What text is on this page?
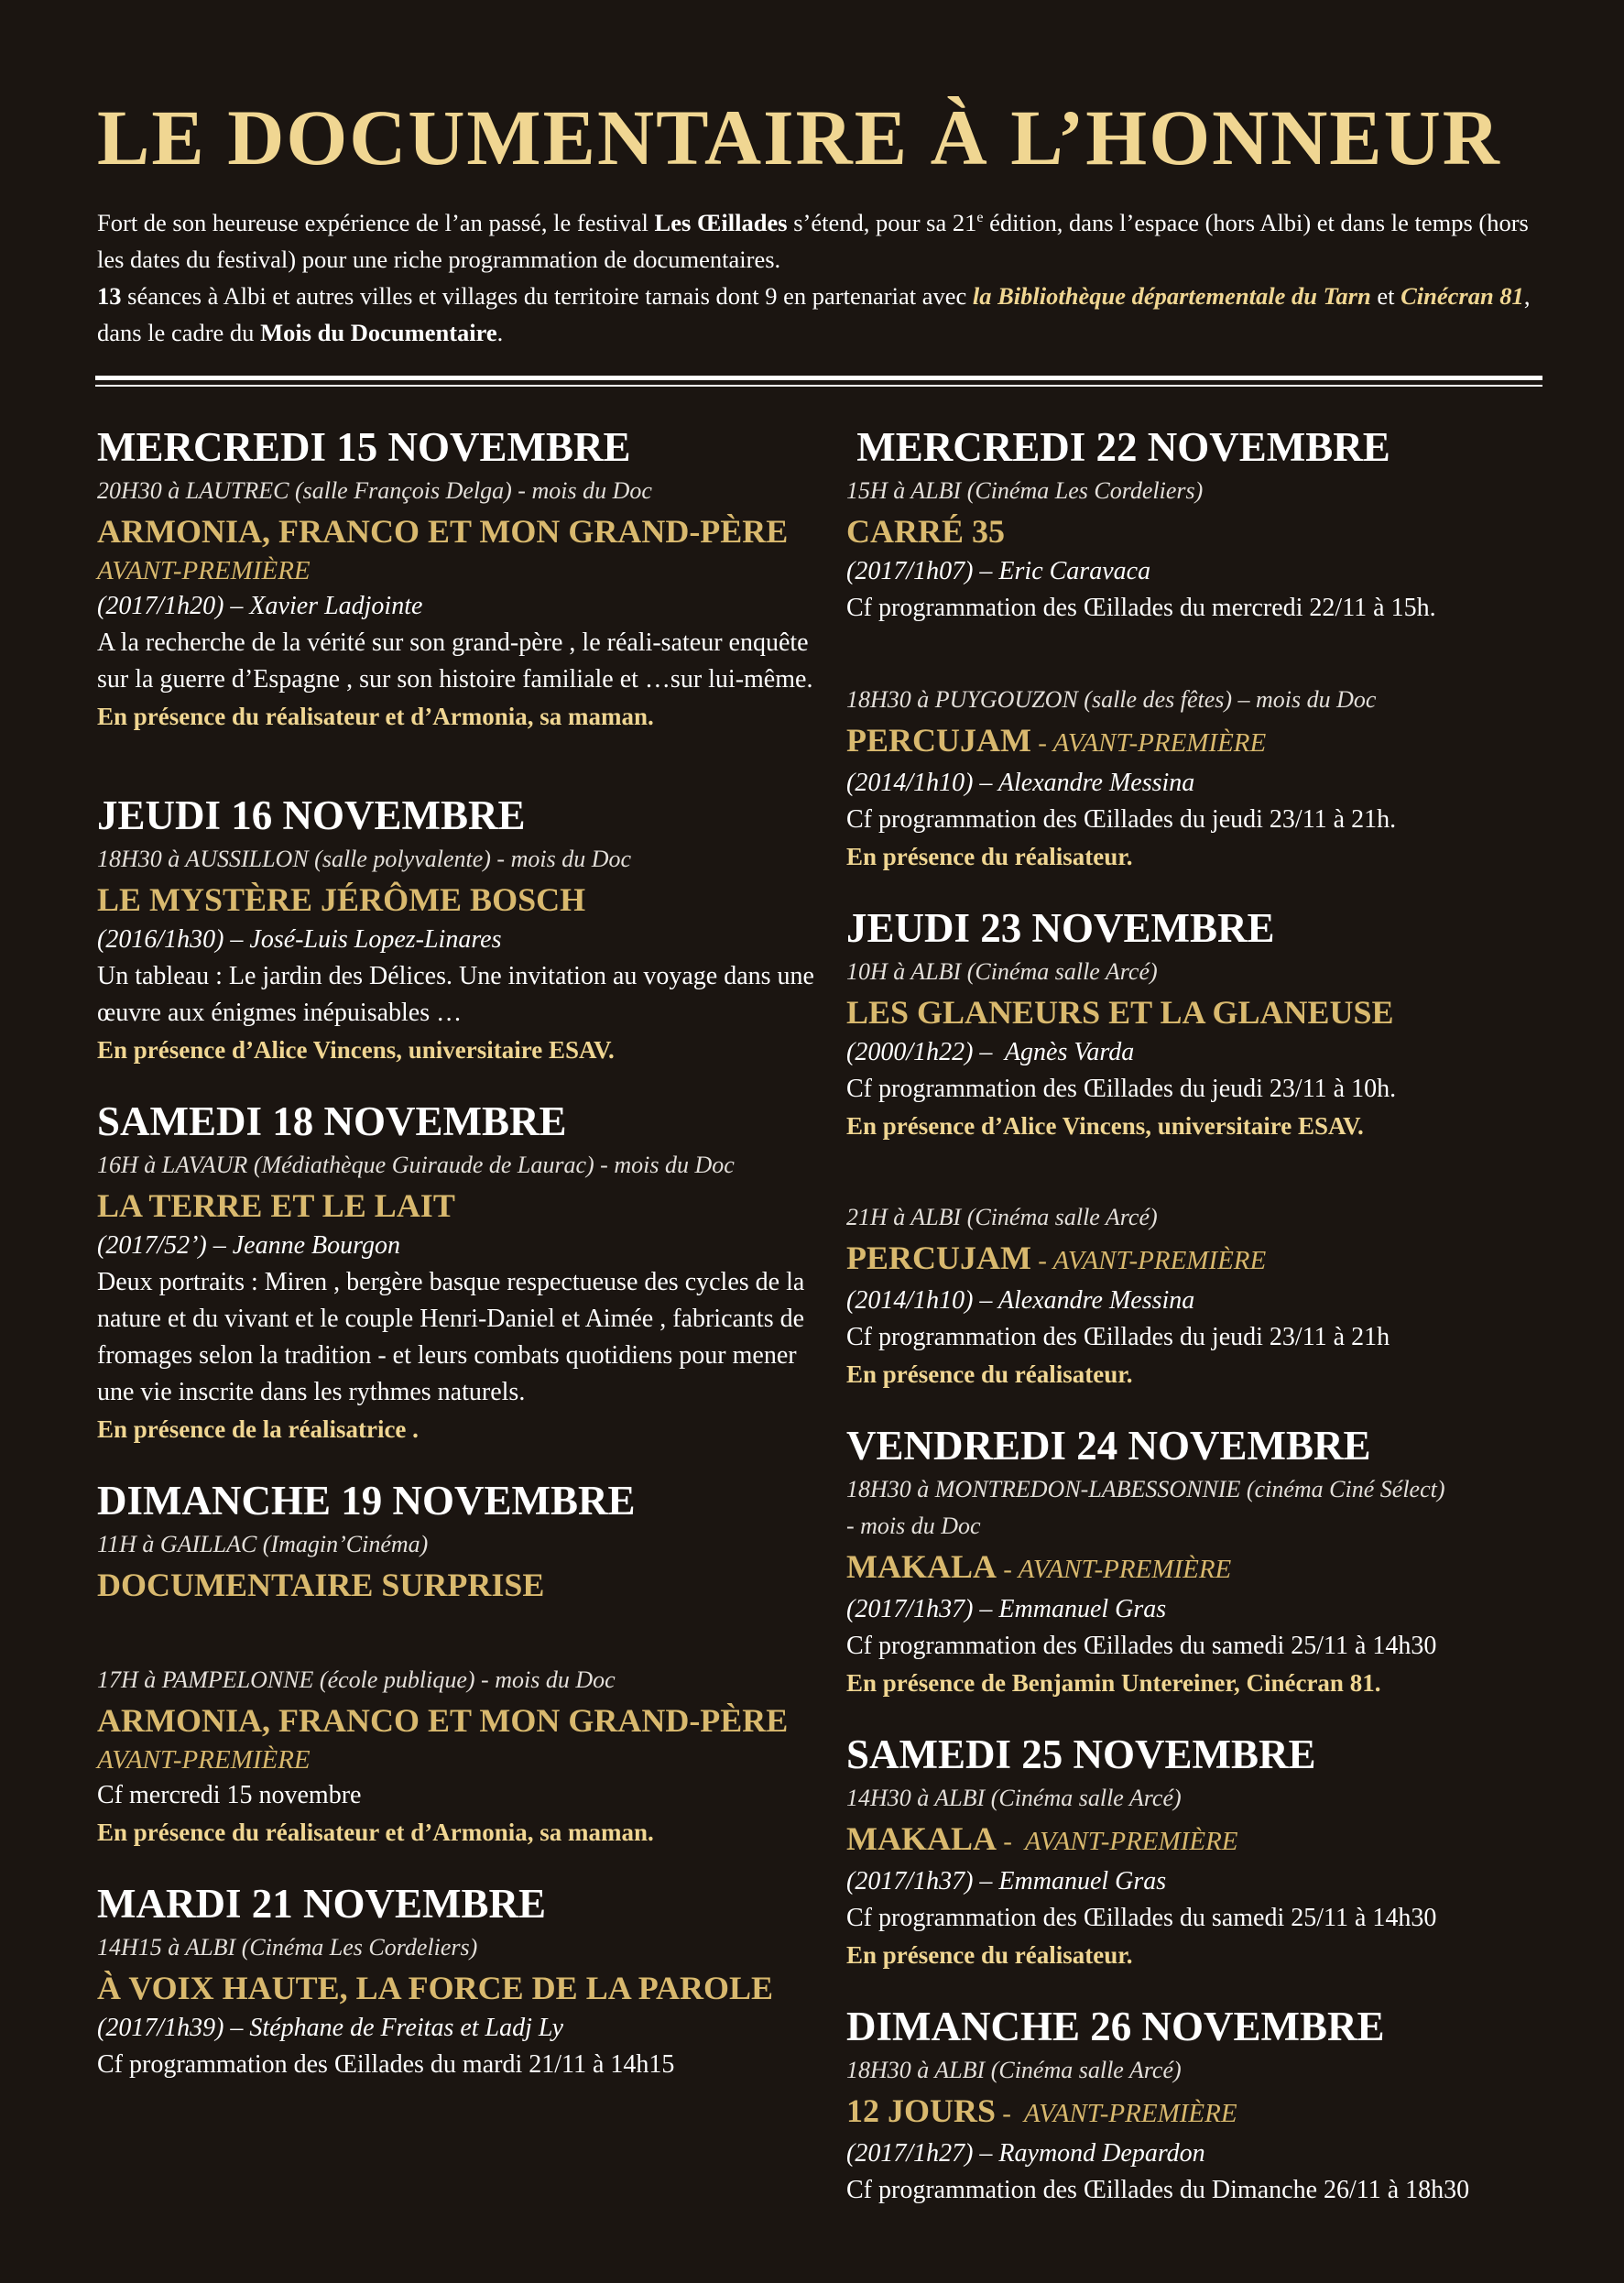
LE DOCUMENTAIRE À L’HONNEUR

Fort de son heureuse expérience de l’an passé, le festival Les Œillades s’étend, pour sa 21e édition, dans l’espace (hors Albi) et dans le temps (hors les dates du festival) pour une riche programmation de documentaires.

13 séances à Albi et autres villes et villages du territoire tarnais dont 9 en partenariat avec la Bibliothèque départementale du Tarn et Cinécran 81, dans le cadre du Mois du Documentaire.

MERCREDI 15 NOVEMBRE
20H30 à LAUTREC (salle François Delga) - mois du Doc
ARMONIA, FRANCO ET MON GRAND-PÈRE
AVANT-PREMIÈRE
(2017/1h20) – Xavier Ladjointe
A la recherche de la vérité sur son grand-père , le réali-sateur enquête sur la guerre d’Espagne , sur son histoire familiale et …sur lui-même.
En présence du réalisateur et d’Armonia, sa maman.
JEUDI 16 NOVEMBRE
18H30 à AUSSILLON (salle polyvalente) - mois du Doc
LE MYSTÈRE JÉRÔME BOSCH
(2016/1h30) – José-Luis Lopez-Linares
Un tableau : Le jardin des Délices. Une invitation au voyage dans une œuvre aux énigmes inépuisables …
En présence d’Alice Vincens, universitaire ESAV.
SAMEDI 18 NOVEMBRE
16H à LAVAUR (Médiathèque Guiraude de Laurac) - mois du Doc
LA TERRE ET LE LAIT
(2017/52’) – Jeanne Bourgon
Deux portraits : Miren , bergère basque respectueuse des cycles de la nature et du vivant et le couple Henri-Daniel et Aimée , fabricants de fromages selon la tradition - et leurs combats quotidiens pour mener une vie inscrite dans les rythmes naturels.
En présence de la réalisatrice .
DIMANCHE 19 NOVEMBRE
11H à GAILLAC (Imagin’Cinéma)
DOCUMENTAIRE SURPRISE
17H à PAMPELONNE (école publique) - mois du Doc
ARMONIA, FRANCO ET MON GRAND-PÈRE
AVANT-PREMIÈRE
Cf mercredi 15 novembre
En présence du réalisateur et d’Armonia, sa maman.
MARDI 21 NOVEMBRE
14H15 à ALBI (Cinéma Les Cordeliers)
À VOIX HAUTE, LA FORCE DE LA PAROLE
(2017/1h39) – Stéphane de Freitas et Ladj Ly
Cf programmation des Œillades du mardi 21/11 à 14h15
MERCREDI 22 NOVEMBRE
15H à ALBI (Cinéma Les Cordeliers)
CARRÉ 35
(2017/1h07) – Eric Caravaca
Cf programmation des Œillades du mercredi 22/11 à 15h.
18H30 à PUYGOUZON (salle des fêtes) – mois du Doc
PERCUJAM - AVANT-PREMIÈRE
(2014/1h10) – Alexandre Messina
Cf programmation des Œillades du jeudi 23/11 à 21h.
En présence du réalisateur.
JEUDI 23 NOVEMBRE
10H à ALBI (Cinéma salle Arcé)
LES GLANEURS ET LA GLANEUSE
(2000/1h22) –  Agnès Varda
Cf programmation des Œillades du jeudi 23/11 à 10h.
En présence d’Alice Vincens, universitaire ESAV.
21H à ALBI (Cinéma salle Arcé)
PERCUJAM - AVANT-PREMIÈRE
(2014/1h10) – Alexandre Messina
Cf programmation des Œillades du jeudi 23/11 à 21h
En présence du réalisateur.
VENDREDI 24 NOVEMBRE
18H30 à MONTREDON-LABESSONNIE (cinéma Ciné Sélect)
- mois du Doc
MAKALA - AVANT-PREMIÈRE
(2017/1h37) – Emmanuel Gras
Cf programmation des Œillades du samedi 25/11 à 14h30
En présence de Benjamin Untereiner, Cinécran 81.
SAMEDI 25 NOVEMBRE
14H30 à ALBI (Cinéma salle Arcé)
MAKALA -  AVANT-PREMIÈRE
(2017/1h37) – Emmanuel Gras
Cf programmation des Œillades du samedi 25/11 à 14h30
En présence du réalisateur.
DIMANCHE 26 NOVEMBRE
18H30 à ALBI (Cinéma salle Arcé)
12 JOURS -  AVANT-PREMIÈRE
(2017/1h27) – Raymond Depardon
Cf programmation des Œillades du Dimanche 26/11 à 18h30
